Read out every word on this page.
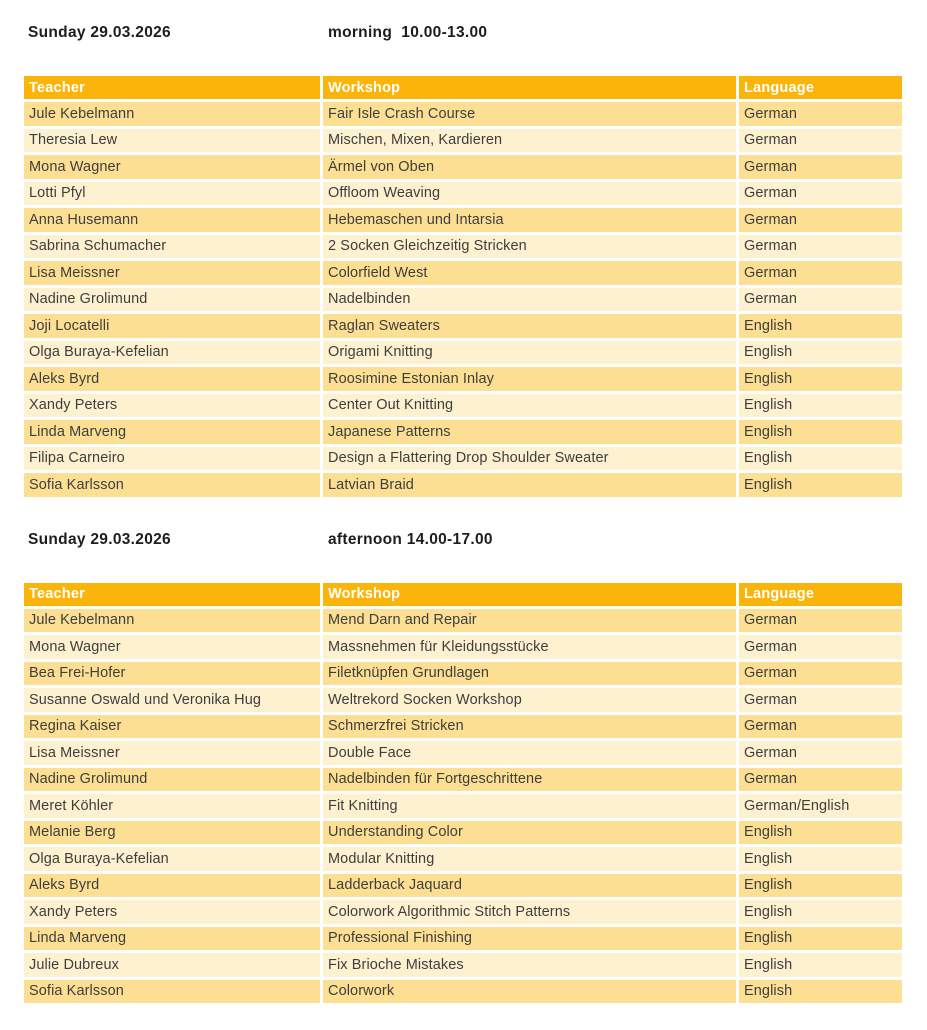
Sunday 29.03.2026	morning  10.00-13.00
Teacher	Workshop	Language
Jule Kebelmann	Fair Isle Crash Course	German
Theresia Lew	Mischen, Mixen, Kardieren	German
Mona Wagner	Ärmel von Oben	German
Lotti Pfyl	Offloom Weaving	German
Anna Husemann	Hebemaschen und Intarsia	German
Sabrina Schumacher	2 Socken Gleichzeitig Stricken	German
Lisa Meissner	Colorfield West	German
Nadine Grolimund	Nadelbinden	German
Joji Locatelli	Raglan Sweaters	English
Olga Buraya-Kefelian	Origami Knitting	English
Aleks Byrd	Roosimine Estonian Inlay	English
Xandy Peters	Center Out Knitting	English
Linda Marveng	Japanese Patterns	English
Filipa Carneiro	Design a Flattering Drop Shoulder Sweater	English
Sofia Karlsson	Latvian Braid	English
Sunday 29.03.2026	afternoon 14.00-17.00
Teacher	Workshop	Language
Jule Kebelmann	Mend Darn and Repair	German
Mona Wagner	Massnehmen für Kleidungsstücke	German
Bea Frei-Hofer	Filetknüpfen Grundlagen	German
Susanne Oswald und Veronika Hug	Weltrekord Socken Workshop	German
Regina Kaiser	Schmerzfrei Stricken	German
Lisa Meissner	Double Face	German
Nadine Grolimund	Nadelbinden für Fortgeschrittene	German
Meret Köhler	Fit Knitting	German/English
Melanie Berg	Understanding Color	English
Olga Buraya-Kefelian	Modular Knitting	English
Aleks Byrd	Ladderback Jaquard	English
Xandy Peters	Colorwork Algorithmic Stitch Patterns	English
Linda Marveng	Professional Finishing	English
Julie Dubreux	Fix Brioche Mistakes	English
Sofia Karlsson	Colorwork	English
